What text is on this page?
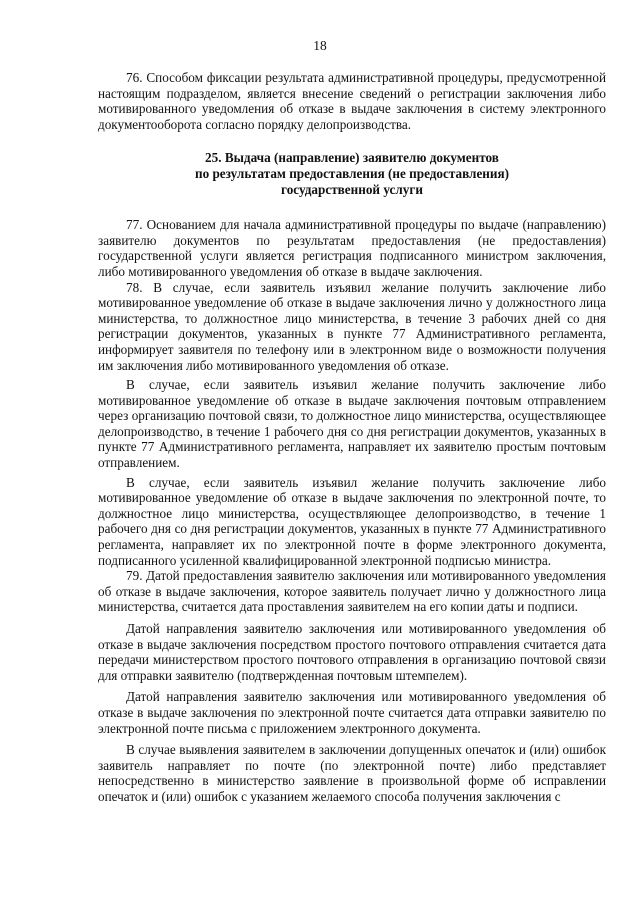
18

76. Способом фиксации результата административной процедуры, предусмотренной настоящим подразделом, является внесение сведений о регистрации заключения либо мотивированного уведомления об отказе в выдаче заключения в систему электронного документооборота согласно порядку делопроизводства.

25. Выдача (направление) заявителю документов
по результатам предоставления (не предоставления)
государственной услуги

77. Основанием для начала административной процедуры по выдаче (направлению) заявителю документов по результатам предоставления (не предоставления) государственной услуги является регистрация подписанного министром заключения, либо мотивированного уведомления об отказе в выдаче заключения.

78. В случае, если заявитель изъявил желание получить заключение либо мотивированное уведомление об отказе в выдаче заключения лично у должностного лица министерства, то должностное лицо министерства, в течение 3 рабочих дней со дня регистрации документов, указанных в пункте 77 Административного регламента, информирует заявителя по телефону или в электронном виде о возможности получения им заключения либо мотивированного уведомления об отказе.

В случае, если заявитель изъявил желание получить заключение либо мотивированное уведомление об отказе в выдаче заключения почтовым отправлением через организацию почтовой связи, то должностное лицо министерства, осуществляющее делопроизводство, в течение 1 рабочего дня со дня регистрации документов, указанных в пункте 77 Административного регламента, направляет их заявителю простым почтовым отправлением.

В случае, если заявитель изъявил желание получить заключение либо мотивированное уведомление об отказе в выдаче заключения по электронной почте, то должностное лицо министерства, осуществляющее делопроизводство, в течение 1 рабочего дня со дня регистрации документов, указанных в пункте 77 Административного регламента, направляет их по электронной почте в форме электронного документа, подписанного усиленной квалифицированной электронной подписью министра.

79. Датой предоставления заявителю заключения или мотивированного уведомления об отказе в выдаче заключения, которое заявитель получает лично у должностного лица министерства, считается дата проставления заявителем на его копии даты и подписи.

Датой направления заявителю заключения или мотивированного уведомления об отказе в выдаче заключения посредством простого почтового отправления считается дата передачи министерством простого почтового отправления в организацию почтовой связи для отправки заявителю (подтвержденная почтовым штемпелем).

Датой направления заявителю заключения или мотивированного уведомления об отказе в выдаче заключения по электронной почте считается дата отправки заявителю по электронной почте письма с приложением электронного документа.

В случае выявления заявителем в заключении допущенных опечаток и (или) ошибок заявитель направляет по почте (по электронной почте) либо представляет непосредственно в министерство заявление в произвольной форме об исправлении опечаток и (или) ошибок с указанием желаемого способа получения заключения с
